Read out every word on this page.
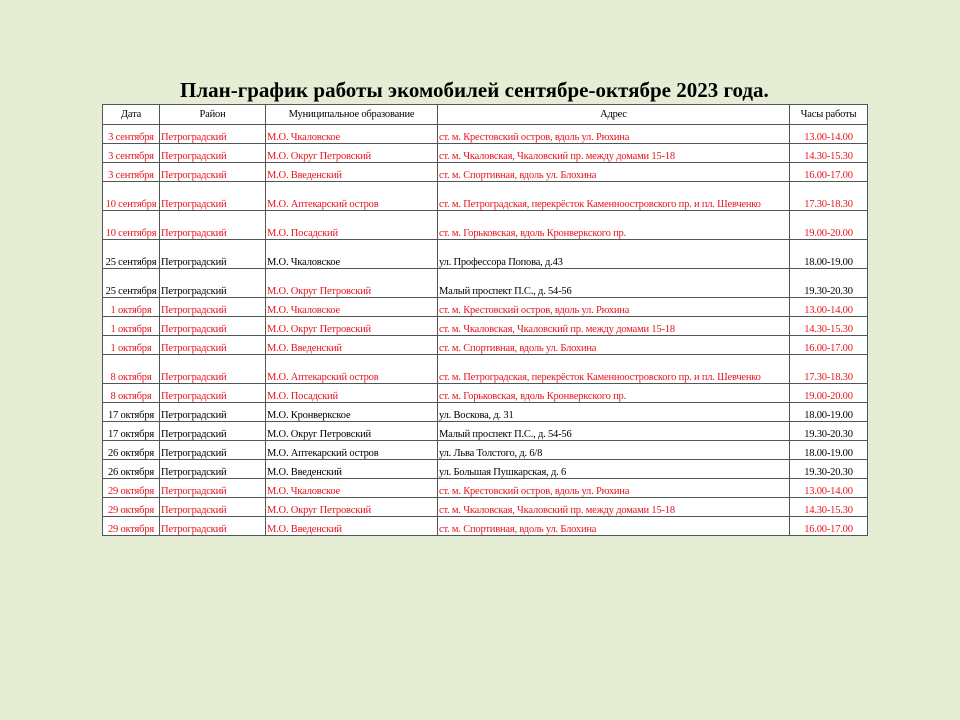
План-график работы экомобилей сентябре-октябре 2023 года.
Дата	Район	Муниципальное образование	Адрес	Часы работы
3 сентября	Петроградский	М.О. Чкаловское	ст. м. Крестовский остров, вдоль ул. Рюхина	13.00-14.00
3 сентября	Петроградский	М.О. Округ Петровский	ст. м. Чкаловская, Чкаловский пр. между домами 15-18	14.30-15.30
3 сентября	Петроградский	М.О. Введенский	ст. м. Спортивная, вдоль ул. Блохина	16.00-17.00
10 сентября	Петроградский	М.О. Аптекарский остров	ст. м. Петроградская, перекрёсток Каменноостровского пр. и пл. Шевченко	17.30-18.30
10 сентября	Петроградский	М.О. Посадский	ст. м. Горьковская, вдоль Кронверкского пр.	19.00-20.00
25 сентября	Петроградский	М.О. Чкаловское	ул. Профессора Попова, д.43	18.00-19.00
25 сентября	Петроградский	М.О. Округ Петровский	Малый проспект П.С., д. 54-56	19.30-20.30
1 октября	Петроградский	М.О. Чкаловское	ст. м. Крестовский остров, вдоль ул. Рюхина	13.00-14.00
1 октября	Петроградский	М.О. Округ Петровский	ст. м. Чкаловская, Чкаловский пр. между домами 15-18	14.30-15.30
1 октября	Петроградский	М.О. Введенский	ст. м. Спортивная, вдоль ул. Блохина	16.00-17.00
8 октября	Петроградский	М.О. Аптекарский остров	ст. м. Петроградская, перекрёсток Каменноостровского пр. и пл. Шевченко	17.30-18.30
8 октября	Петроградский	М.О. Посадский	ст. м. Горьковская, вдоль Кронверкского пр.	19.00-20.00
17 октября	Петроградский	М.О. Кронверкское	ул. Воскова, д. 31	18.00-19.00
17 октября	Петроградский	М.О. Округ Петровский	Малый проспект П.С., д. 54-56	19.30-20.30
26 октября	Петроградский	М.О. Аптекарский остров	ул. Льва Толстого, д. 6/8	18.00-19.00
26 октября	Петроградский	М.О. Введенский	ул. Большая Пушкарская, д. 6	19.30-20.30
29 октября	Петроградский	М.О. Чкаловское	ст. м. Крестовский остров, вдоль ул. Рюхина	13.00-14.00
29 октября	Петроградский	М.О. Округ Петровский	ст. м. Чкаловская, Чкаловский пр. между домами 15-18	14.30-15.30
29 октября	Петроградский	М.О. Введенский	ст. м. Спортивная, вдоль ул. Блохина	16.00-17.00
